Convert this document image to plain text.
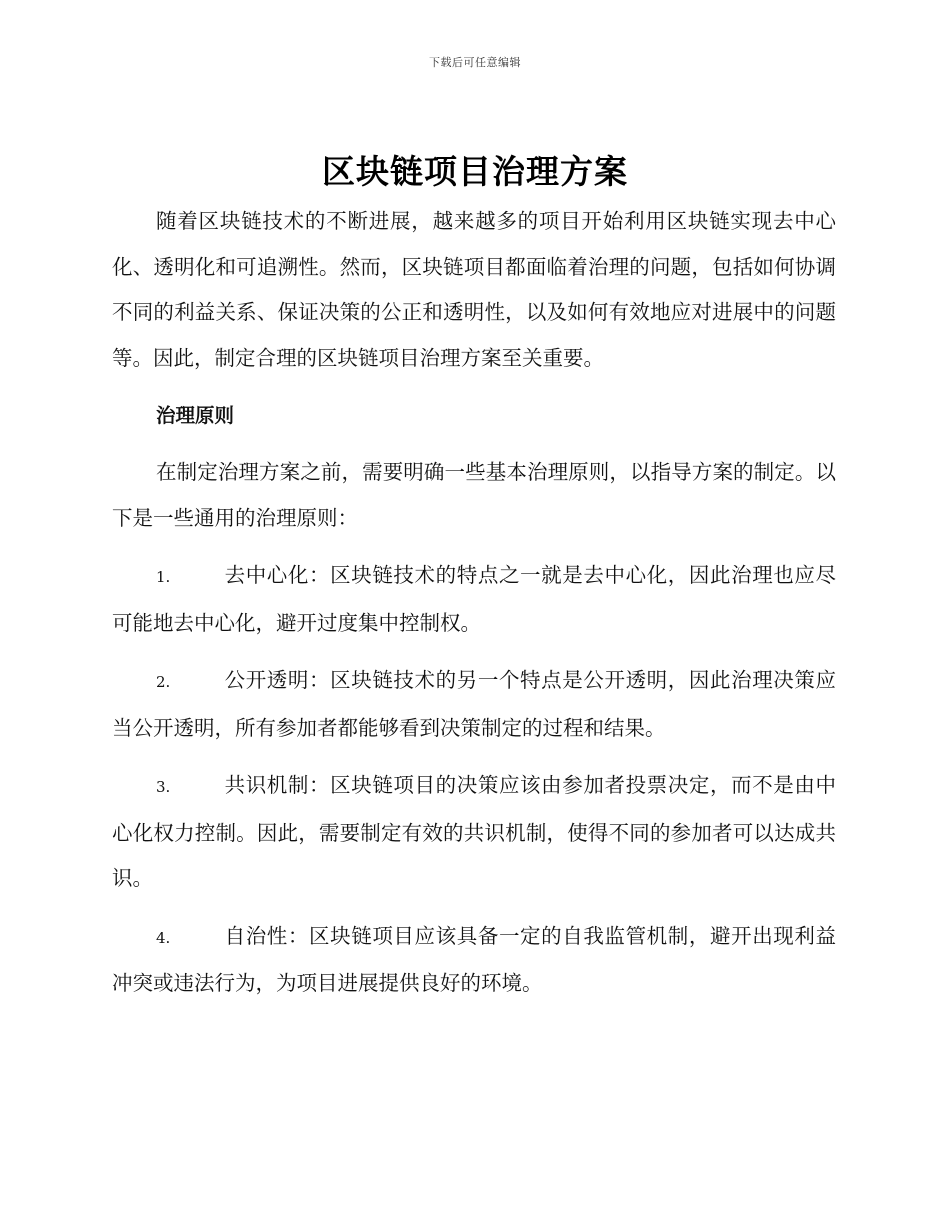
下载后可任意编辑
区块链项目治理方案

随着区块链技术的不断进展，越来越多的项目开始利用区块链实现去中心化、透明化和可追溯性。然而，区块链项目都面临着治理的问题，包括如何协调不同的利益关系、保证决策的公正和透明性，以及如何有效地应对进展中的问题等。因此，制定合理的区块链项目治理方案至关重要。

治理原则

在制定治理方案之前，需要明确一些基本治理原则，以指导方案的制定。以下是一些通用的治理原则：

1.	去中心化：区块链技术的特点之一就是去中心化，因此治理也应尽可能地去中心化，避开过度集中控制权。

2.	公开透明：区块链技术的另一个特点是公开透明，因此治理决策应当公开透明，所有参加者都能够看到决策制定的过程和结果。

3.	共识机制：区块链项目的决策应该由参加者投票决定，而不是由中心化权力控制。因此，需要制定有效的共识机制，使得不同的参加者可以达成共识。

4.	自治性：区块链项目应该具备一定的自我监管机制，避开出现利益冲突或违法行为，为项目进展提供良好的环境。
